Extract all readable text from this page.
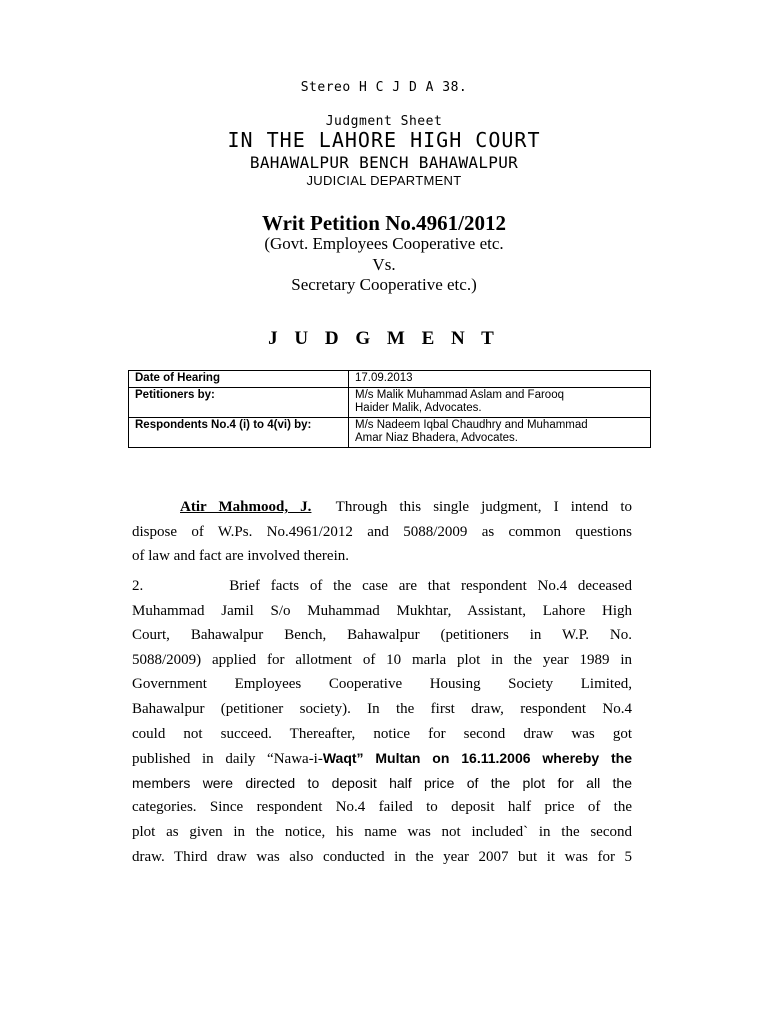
Stereo H C J D A 38.
Judgment Sheet
IN THE LAHORE HIGH COURT
BAHAWALPUR BENCH BAHAWALPUR
JUDICIAL DEPARTMENT
Writ Petition No.4961/2012
(Govt. Employees Cooperative etc.
Vs.
Secretary Cooperative etc.)
J U D G M E N T
Date of Hearing	17.09.2013
Petitioners by:	M/s Malik Muhammad Aslam and Farooq
Haider Malik, Advocates.
Respondents No.4 (i) to 4(vi) by:	M/s Nadeem Iqbal Chaudhry and Muhammad
Amar Niaz Bhadera, Advocates.
Atir Mahmood, J. Through this single judgment, I intend to
dispose of W.Ps. No.4961/2012 and 5088/2009 as common questions
of law and fact are involved therein.
2.        Brief facts of the case are that respondent No.4 deceased
Muhammad Jamil S/o Muhammad Mukhtar, Assistant, Lahore High
Court, Bahawalpur Bench, Bahawalpur (petitioners in W.P. No.
5088/2009) applied for allotment of 10 marla plot in the year 1989 in
Government Employees Cooperative Housing Society Limited,
Bahawalpur (petitioner society). In the first draw, respondent No.4
could not succeed. Thereafter, notice for second draw was got
published in daily “Nawa-i-Waqt” Multan on 16.11.2006 whereby the
members were directed to deposit half price of the plot for all the
categories. Since respondent No.4 failed to deposit half price of the
plot as given in the notice, his name was not included` in the second
draw. Third draw was also conducted in the year 2007 but it was for 5
